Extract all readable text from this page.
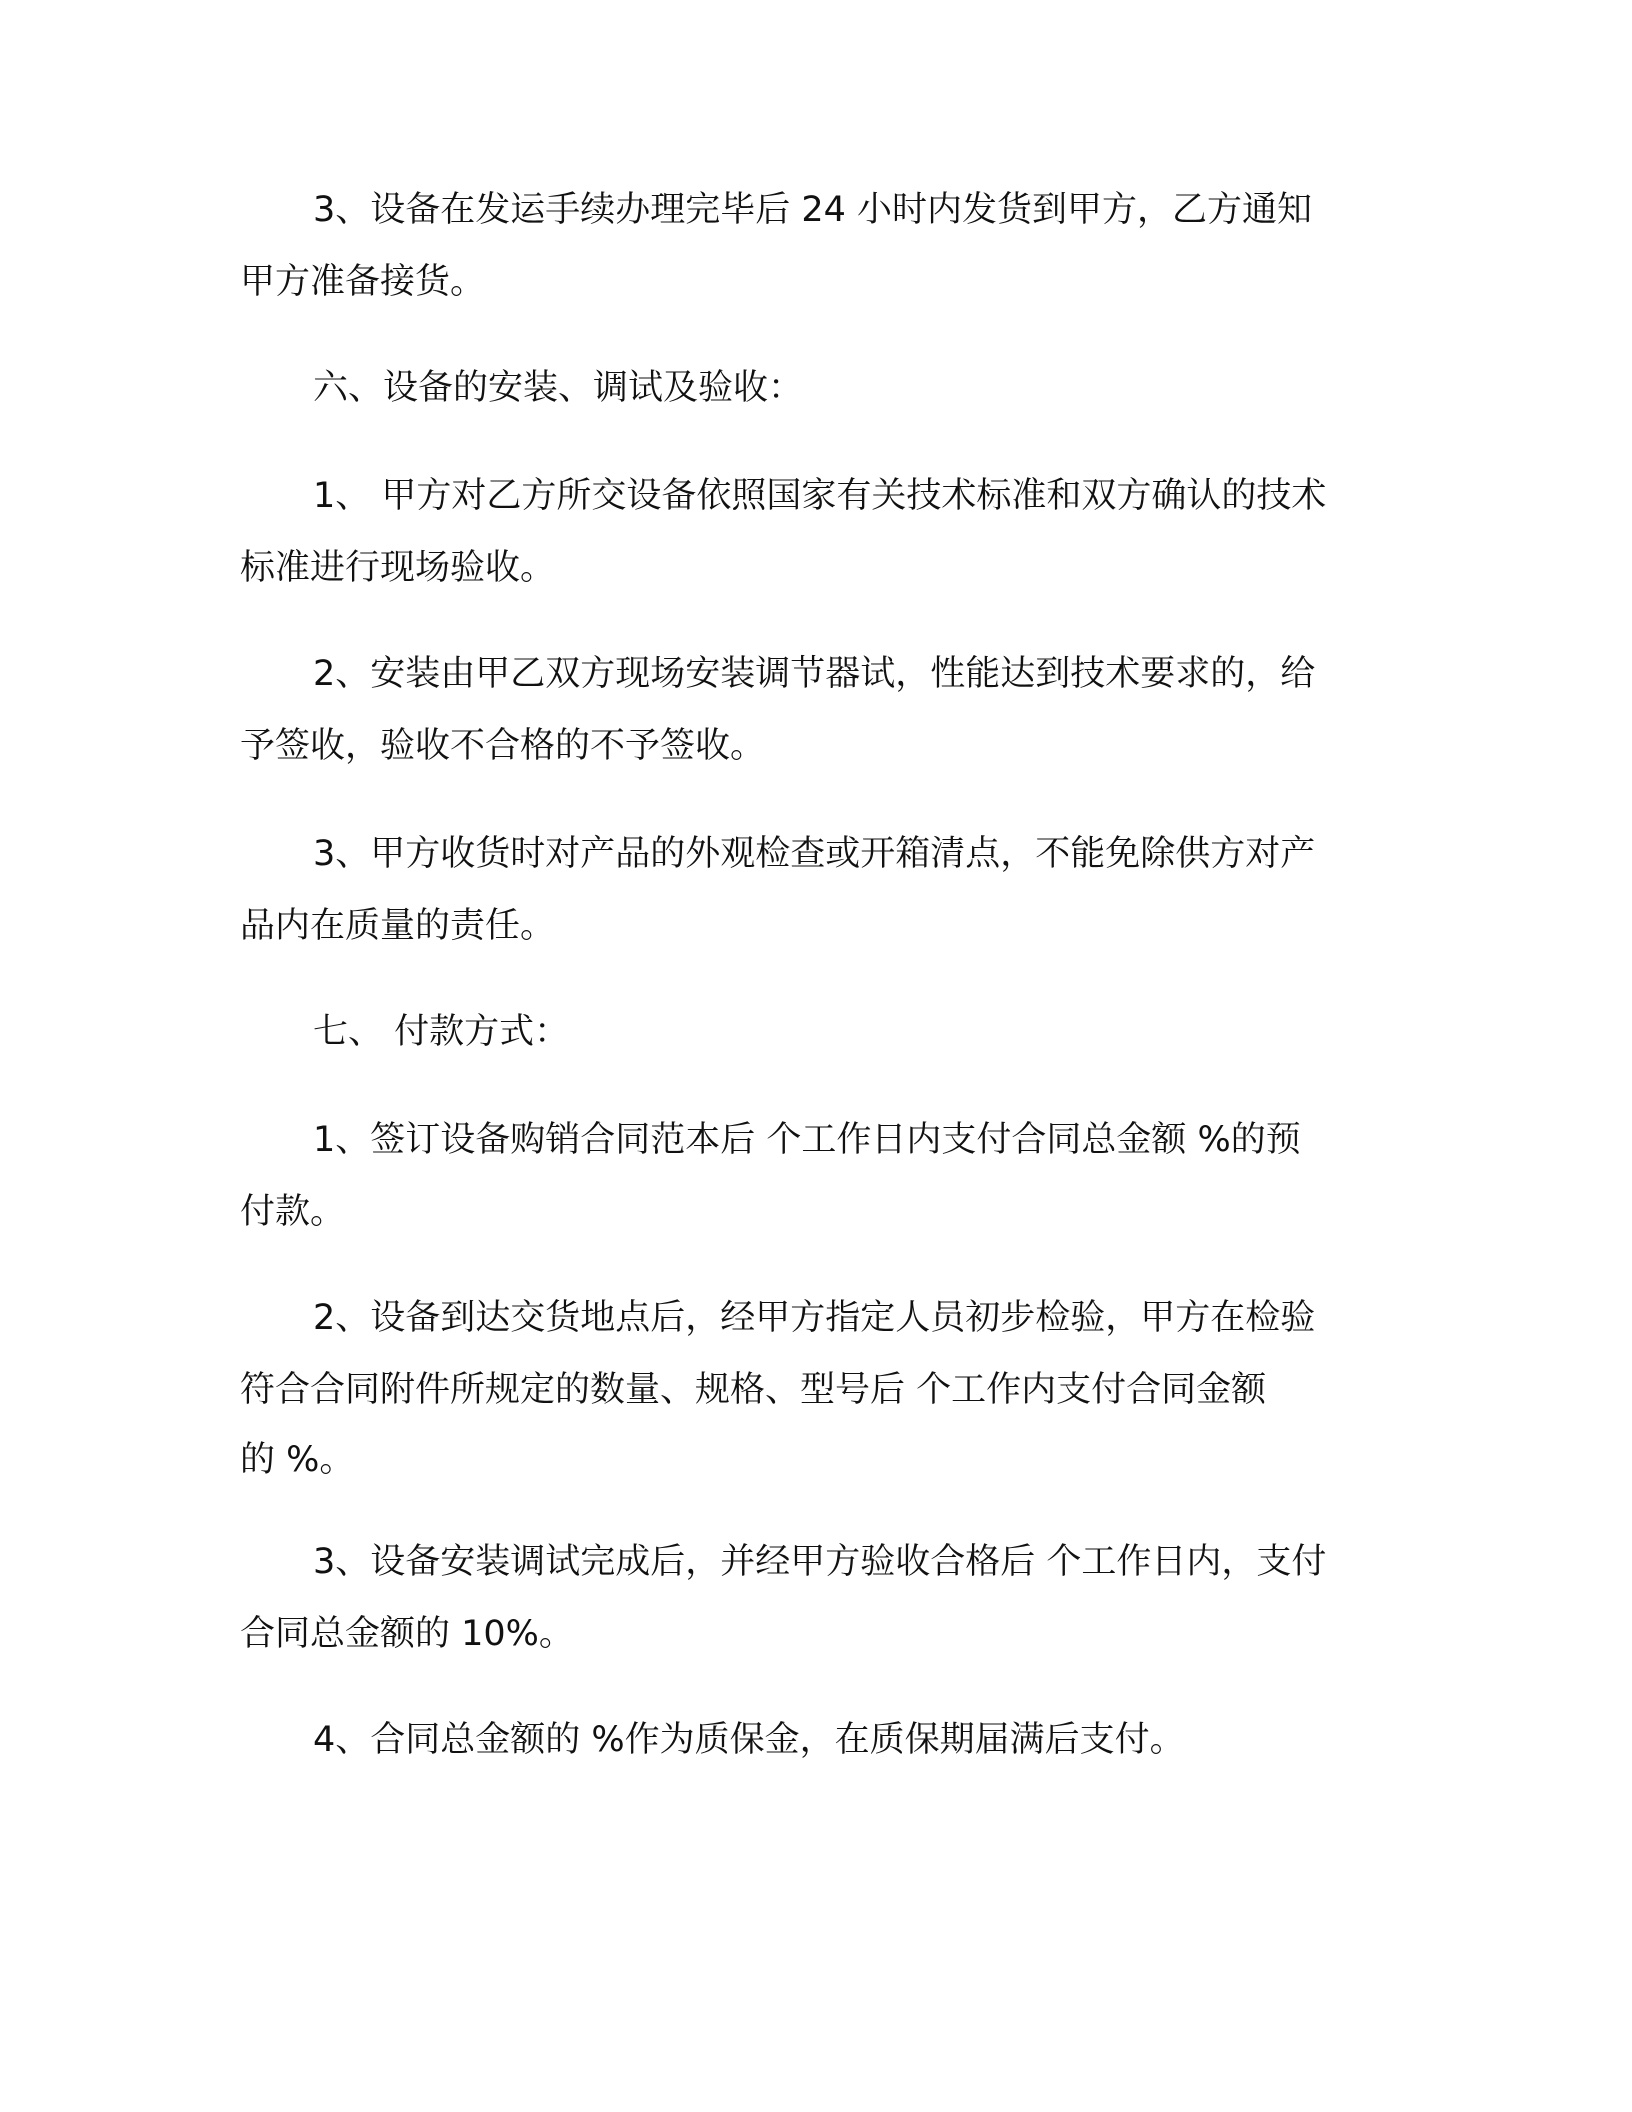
3、设备在发运手续办理完毕后 24 小时内发货到甲方，乙方通知
甲方准备接货。
六、设备的安装、调试及验收：
1、 甲方对乙方所交设备依照国家有关技术标准和双方确认的技术
标准进行现场验收。
2、安装由甲乙双方现场安装调节器试，性能达到技术要求的，给
予签收，验收不合格的不予签收。
3、甲方收货时对产品的外观检查或开箱清点，不能免除供方对产
品内在质量的责任。
七、 付款方式：
1、签订设备购销合同范本后 个工作日内支付合同总金额 %的预
付款。
2、设备到达交货地点后，经甲方指定人员初步检验，甲方在检验
符合合同附件所规定的数量、规格、型号后 个工作内支付合同金额
的 %。
3、设备安装调试完成后，并经甲方验收合格后 个工作日内，支付
合同总金额的 10%。
4、合同总金额的 %作为质保金，在质保期届满后支付。
